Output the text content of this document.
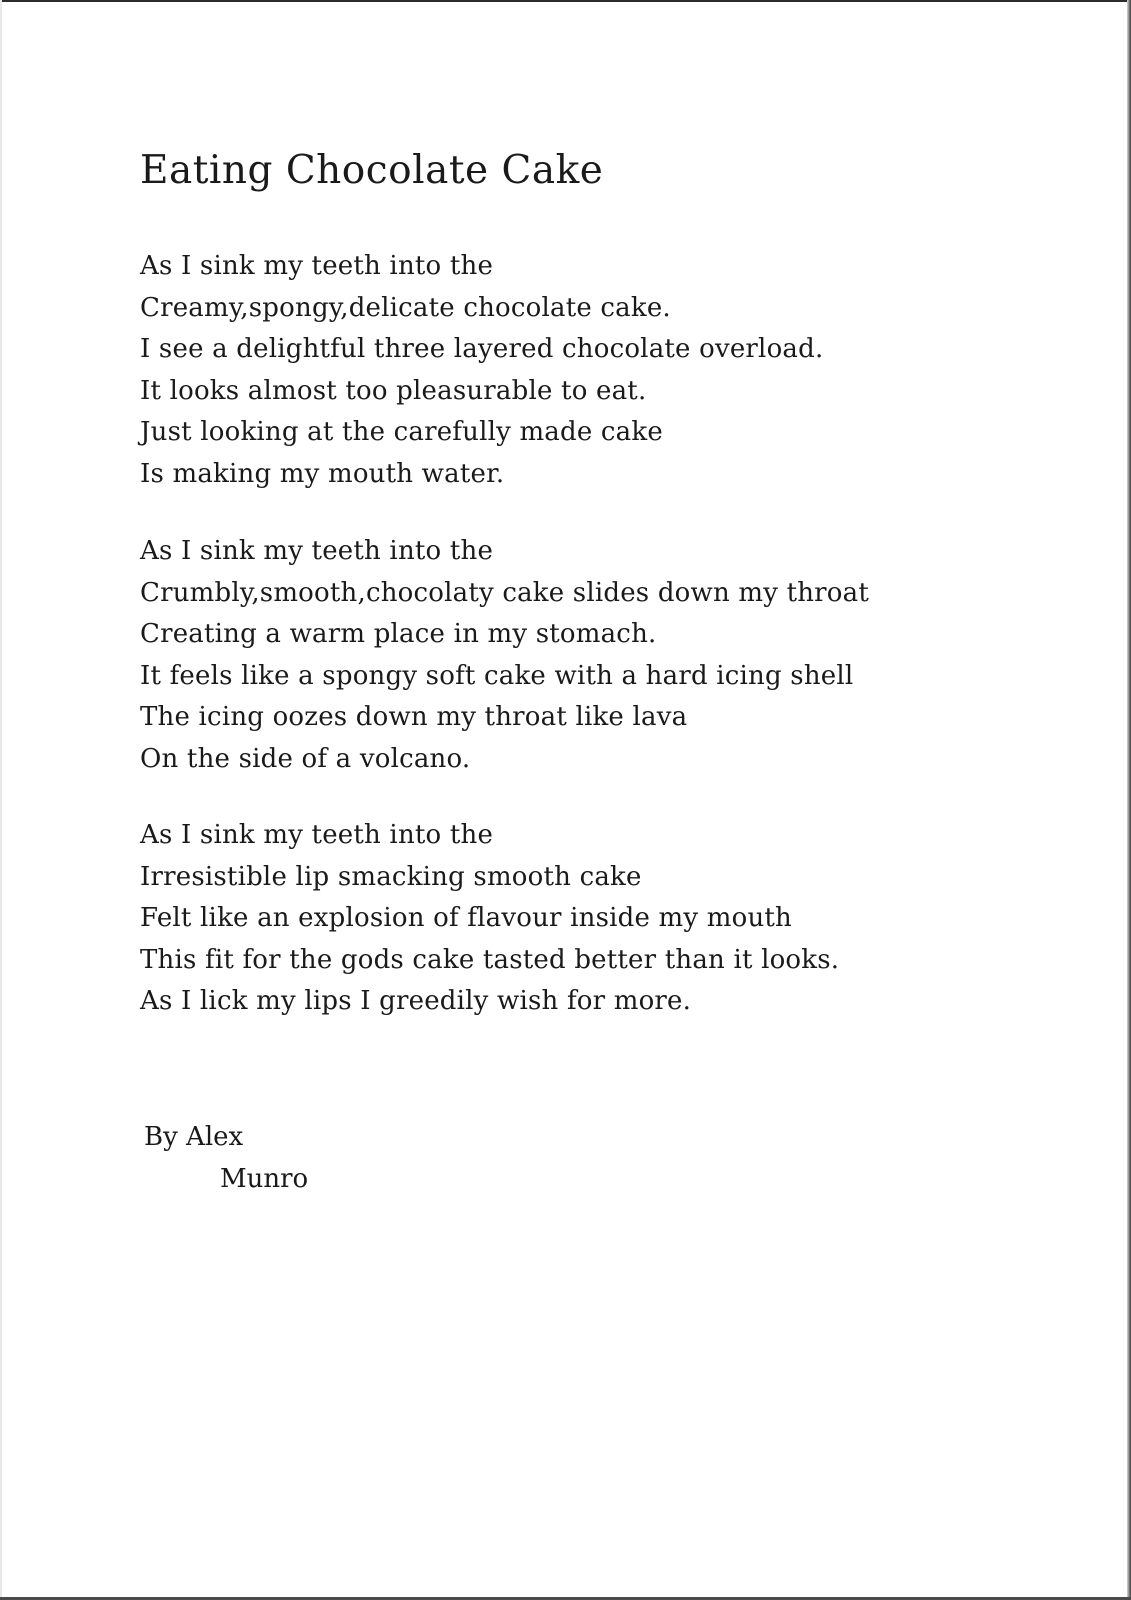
Eating Chocolate Cake
As I sink my teeth into the
Creamy,spongy,delicate chocolate cake.
I see a delightful three layered chocolate overload.
It looks almost too pleasurable to eat.
Just looking at the carefully made cake
Is making my mouth water.
As I sink my teeth into the
Crumbly,smooth,chocolaty cake slides down my throat
Creating a warm place in my stomach.
It feels like a spongy soft cake with a hard icing shell
The icing oozes down my throat like lava
On the side of a volcano.
As I sink my teeth into the
Irresistible lip smacking smooth cake
Felt like an explosion of flavour inside my mouth
This fit for the gods cake tasted better than it looks.
As I lick my lips I greedily wish for more.
By Alex
Munro
